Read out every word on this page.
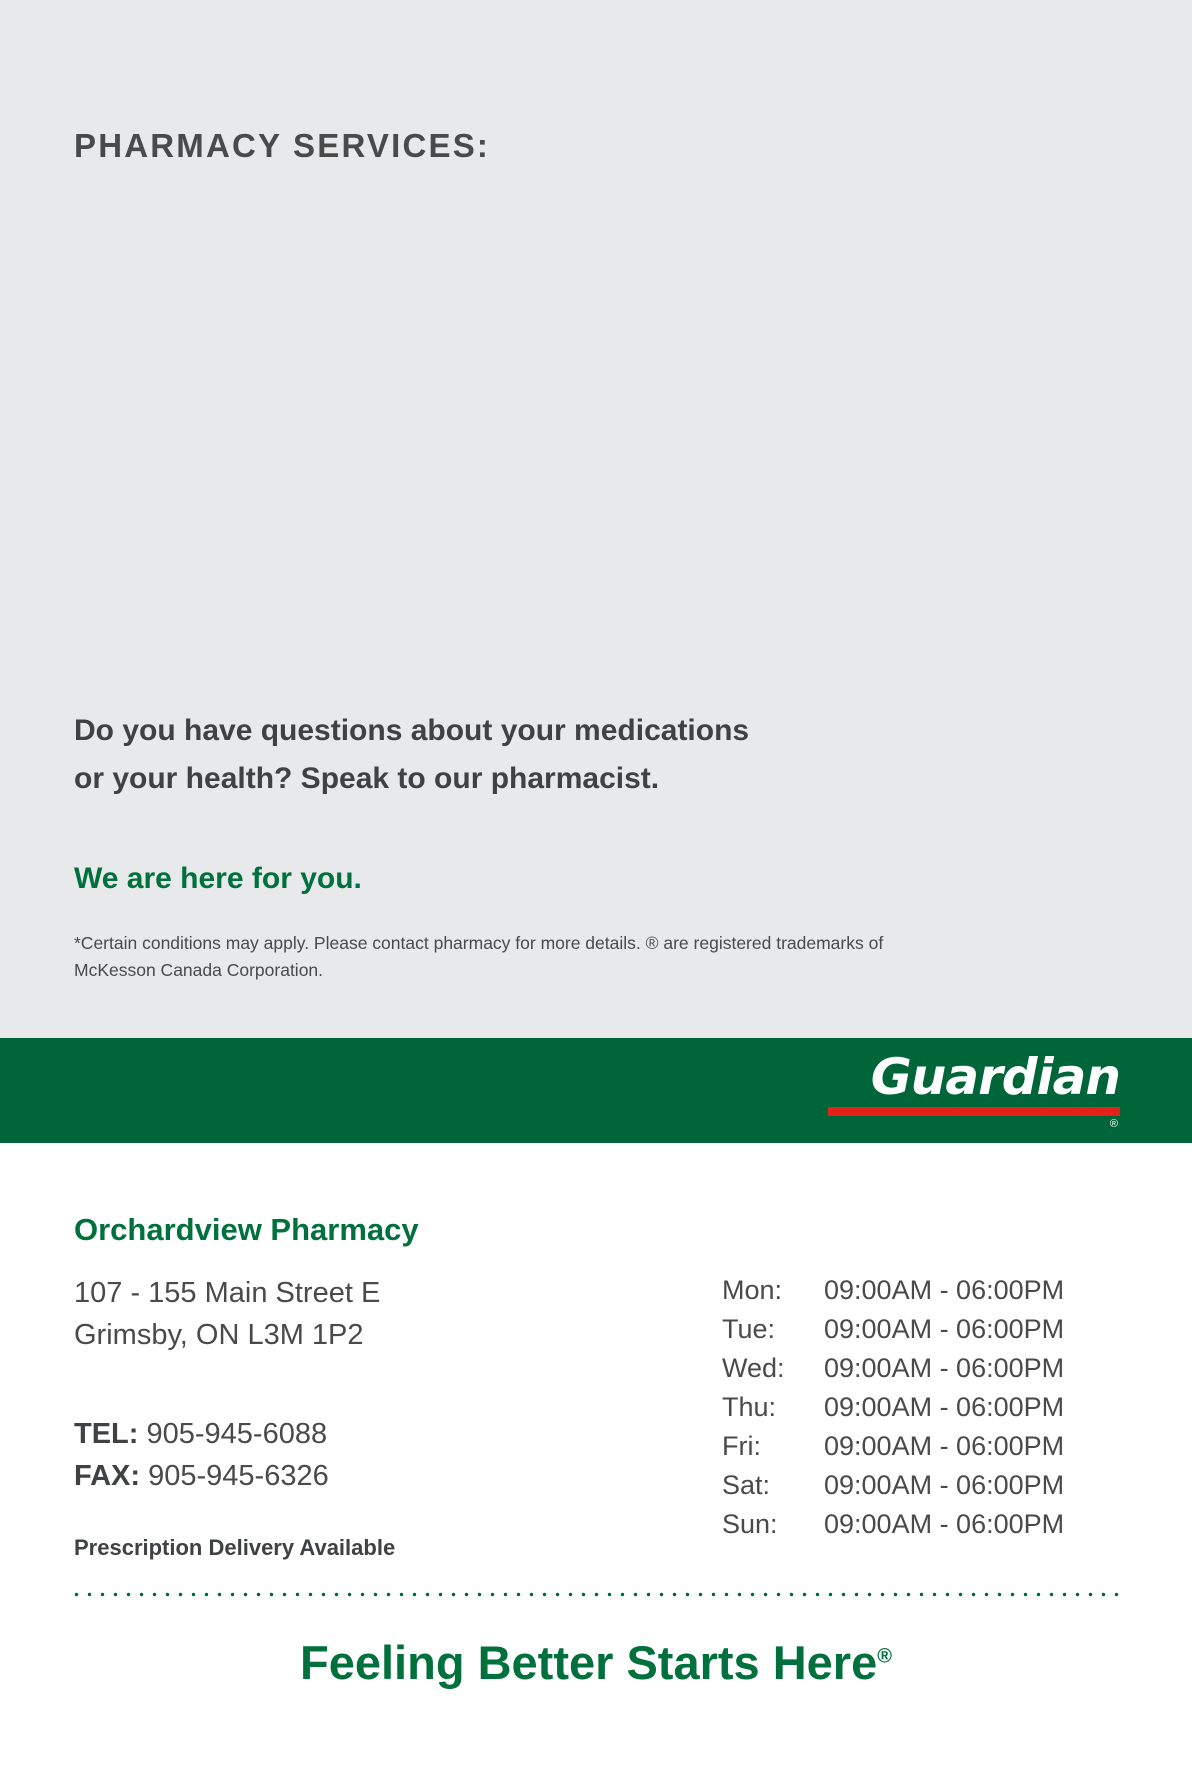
PHARMACY SERVICES:
Do you have questions about your medications
or your health? Speak to our pharmacist.
We are here for you.
*Certain conditions may apply. Please contact pharmacy for more details. ® are registered trademarks of
McKesson Canada Corporation.
Guardian
®
Orchardview Pharmacy
107 - 155 Main Street E
Grimsby, ON L3M 1P2
TEL: 905-945-6088
FAX: 905-945-6326
Prescription Delivery Available
Mon:	09:00AM - 06:00PM
Tue:	09:00AM - 06:00PM
Wed:	09:00AM - 06:00PM
Thu:	09:00AM - 06:00PM
Fri:	09:00AM - 06:00PM
Sat:	09:00AM - 06:00PM
Sun:	09:00AM - 06:00PM
Feeling Better Starts Here®
